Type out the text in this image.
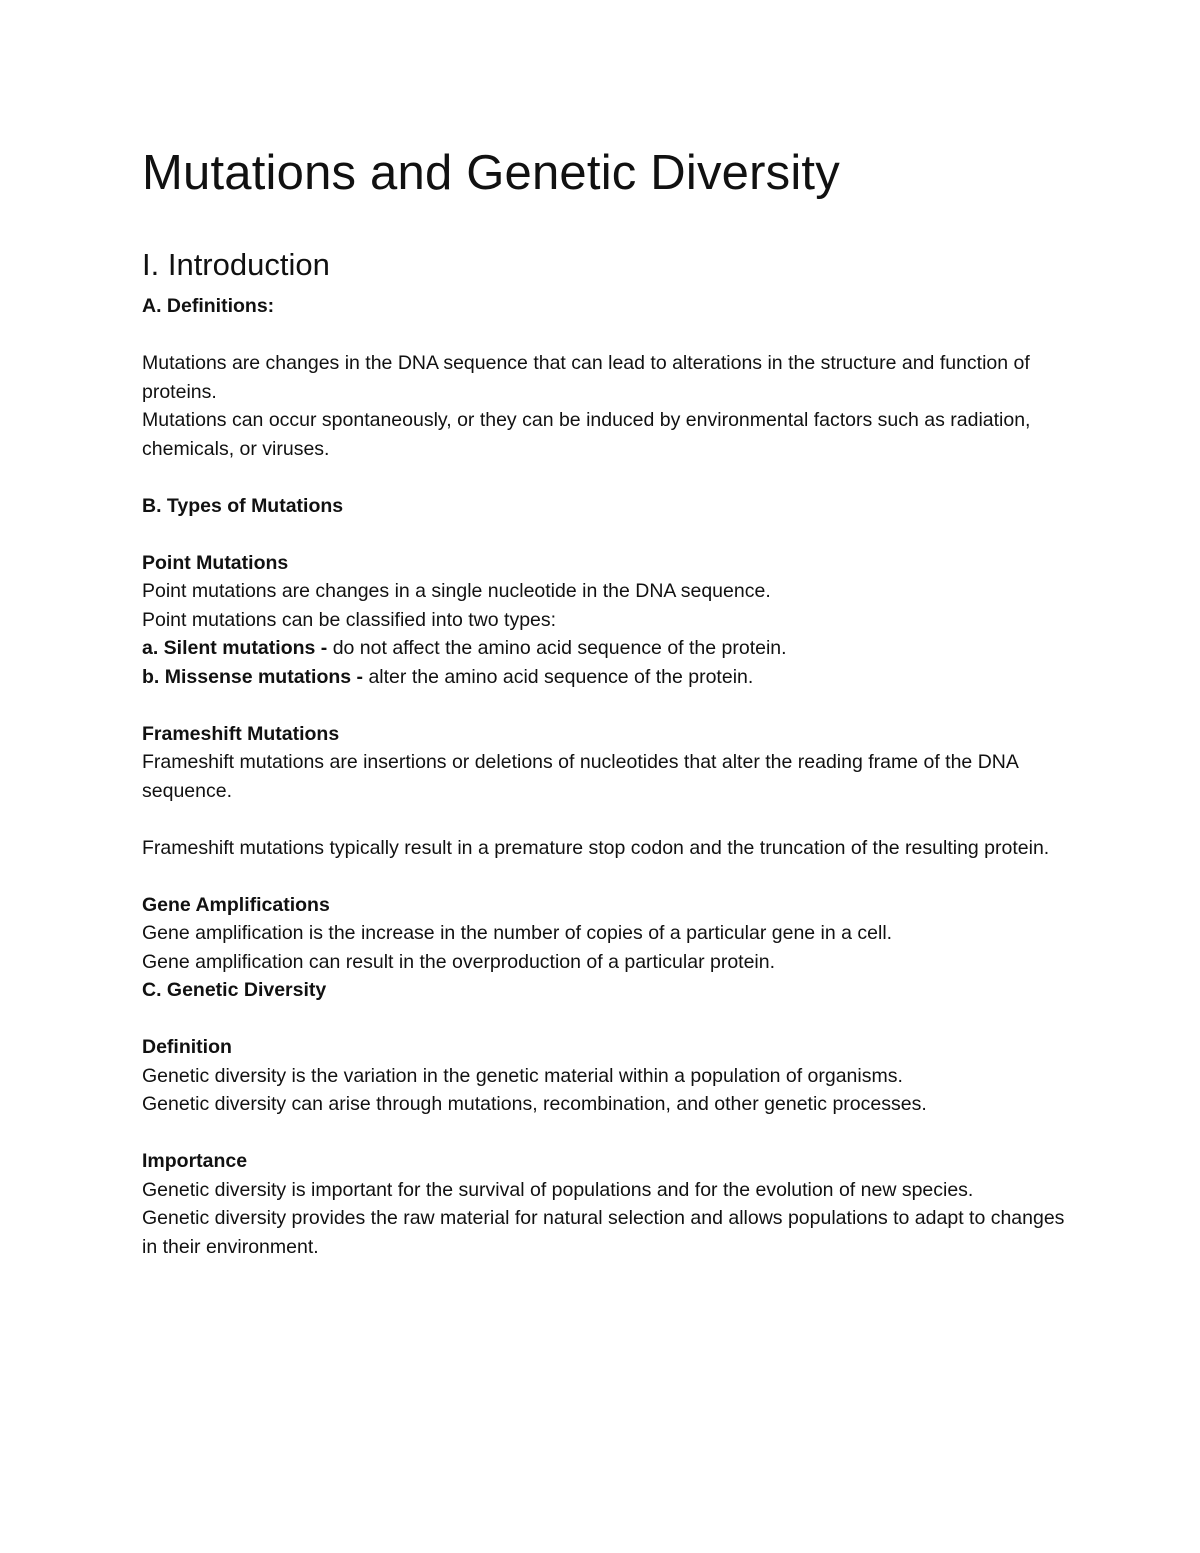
Mutations and Genetic Diversity
I. Introduction
A. Definitions:
Mutations are changes in the DNA sequence that can lead to alterations in the structure and function of proteins.
Mutations can occur spontaneously, or they can be induced by environmental factors such as radiation, chemicals, or viruses.
B. Types of Mutations
Point Mutations
Point mutations are changes in a single nucleotide in the DNA sequence.
Point mutations can be classified into two types:
a. Silent mutations - do not affect the amino acid sequence of the protein.
b. Missense mutations - alter the amino acid sequence of the protein.
Frameshift Mutations
Frameshift mutations are insertions or deletions of nucleotides that alter the reading frame of the DNA sequence.
Frameshift mutations typically result in a premature stop codon and the truncation of the resulting protein.
Gene Amplifications
Gene amplification is the increase in the number of copies of a particular gene in a cell.
Gene amplification can result in the overproduction of a particular protein.
C. Genetic Diversity
Definition
Genetic diversity is the variation in the genetic material within a population of organisms.
Genetic diversity can arise through mutations, recombination, and other genetic processes.
Importance
Genetic diversity is important for the survival of populations and for the evolution of new species.
Genetic diversity provides the raw material for natural selection and allows populations to adapt to changes in their environment.
